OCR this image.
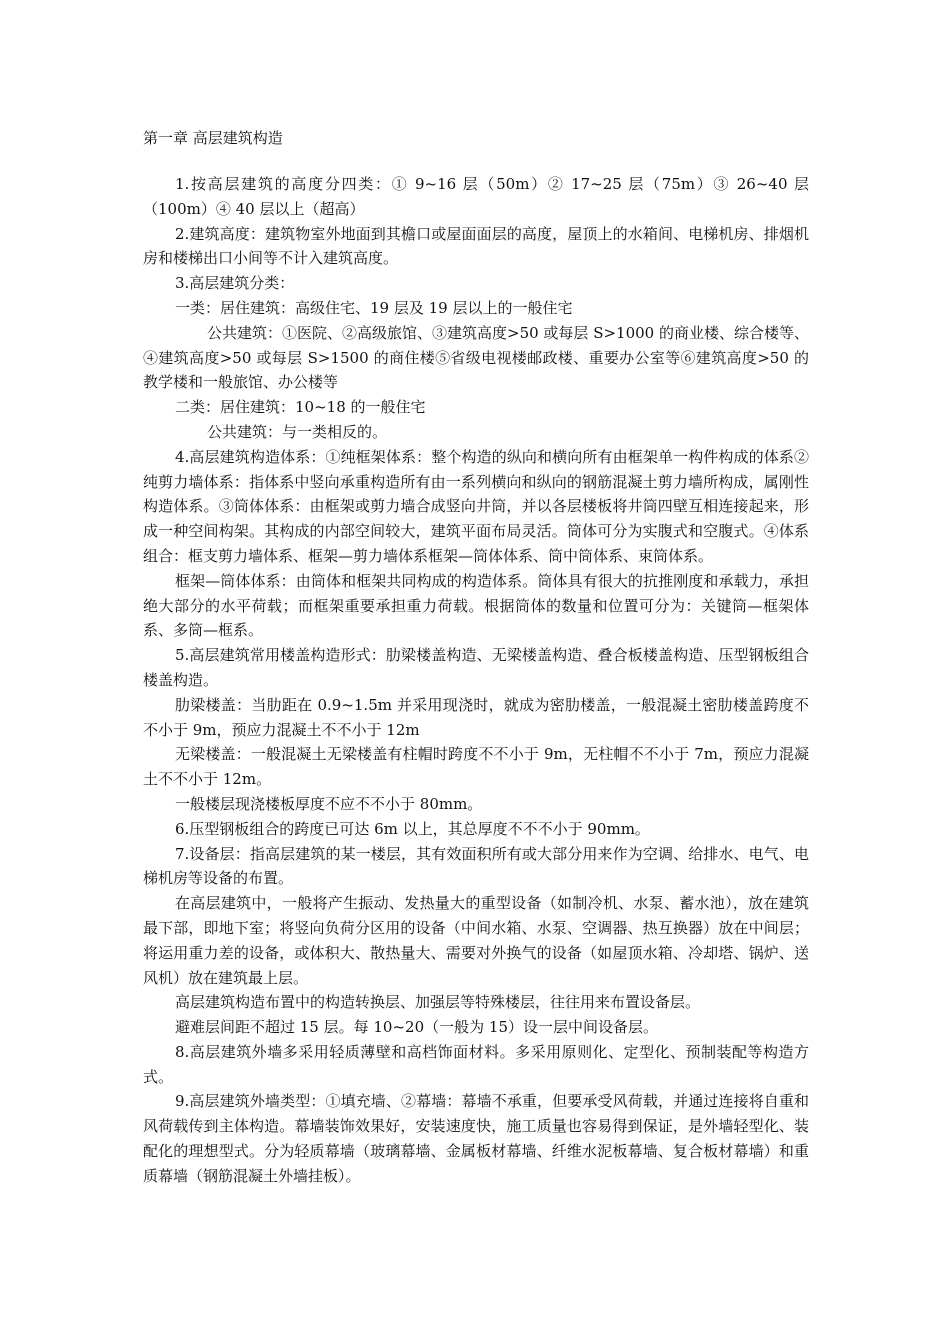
第一章 高层建筑构造

1.按高层建筑的高度分四类：① 9~16 层（50m）② 17~25 层（75m）③ 26~40 层（100m）④ 40 层以上（超高）

2.建筑高度：建筑物室外地面到其檐口或屋面面层的高度，屋顶上的水箱间、电梯机房、排烟机房和楼梯出口小间等不计入建筑高度。

3.高层建筑分类：

一类：居住建筑：高级住宅、19 层及 19 层以上的一般住宅

公共建筑：①医院、②高级旅馆、③建筑高度>50 或每层 S>1000 的商业楼、综合楼等、④建筑高度>50 或每层 S>1500 的商住楼⑤省级电视楼邮政楼、重要办公室等⑥建筑高度>50 的教学楼和一般旅馆、办公楼等

二类：居住建筑：10~18 的一般住宅

公共建筑：与一类相反的。

4.高层建筑构造体系：①纯框架体系：整个构造的纵向和横向所有由框架单一构件构成的体系②纯剪力墙体系：指体系中竖向承重构造所有由一系列横向和纵向的钢筋混凝土剪力墙所构成，属刚性构造体系。③筒体体系：由框架或剪力墙合成竖向井筒，并以各层楼板将井筒四壁互相连接起来，形成一种空间构架。其构成的内部空间较大，建筑平面布局灵活。筒体可分为实腹式和空腹式。④体系组合：框支剪力墙体系、框架—剪力墙体系框架—筒体体系、筒中筒体系、束筒体系。

框架—筒体体系：由筒体和框架共同构成的构造体系。筒体具有很大的抗推刚度和承载力，承担绝大部分的水平荷载；而框架重要承担重力荷载。根据筒体的数量和位置可分为：关键筒—框架体系、多筒—框系。

5.高层建筑常用楼盖构造形式：肋梁楼盖构造、无梁楼盖构造、叠合板楼盖构造、压型钢板组合楼盖构造。

肋梁楼盖：当肋距在 0.9~1.5m 并采用现浇时，就成为密肋楼盖，一般混凝土密肋楼盖跨度不不小于 9m，预应力混凝土不不小于 12m

无梁楼盖：一般混凝土无梁楼盖有柱帽时跨度不不小于 9m，无柱帽不不小于 7m，预应力混凝土不不小于 12m。

一般楼层现浇楼板厚度不应不不小于 80mm。

6.压型钢板组合的跨度已可达 6m 以上，其总厚度不不不小于 90mm。

7.设备层：指高层建筑的某一楼层，其有效面积所有或大部分用来作为空调、给排水、电气、电梯机房等设备的布置。

在高层建筑中，一般将产生振动、发热量大的重型设备（如制冷机、水泵、蓄水池），放在建筑最下部，即地下室；将竖向负荷分区用的设备（中间水箱、水泵、空调器、热互换器）放在中间层；将运用重力差的设备，或体积大、散热量大、需要对外换气的设备（如屋顶水箱、冷却塔、锅炉、送风机）放在建筑最上层。

高层建筑构造布置中的构造转换层、加强层等特殊楼层，往往用来布置设备层。

避难层间距不超过 15 层。每 10~20（一般为 15）设一层中间设备层。

8.高层建筑外墙多采用轻质薄壁和高档饰面材料。多采用原则化、定型化、预制装配等构造方式。

9.高层建筑外墙类型：①填充墙、②幕墙：幕墙不承重，但要承受风荷载，并通过连接将自重和风荷载传到主体构造。幕墙装饰效果好，安装速度快，施工质量也容易得到保证，是外墙轻型化、装配化的理想型式。分为轻质幕墙（玻璃幕墙、金属板材幕墙、纤维水泥板幕墙、复合板材幕墙）和重质幕墙（钢筋混凝土外墙挂板）。
